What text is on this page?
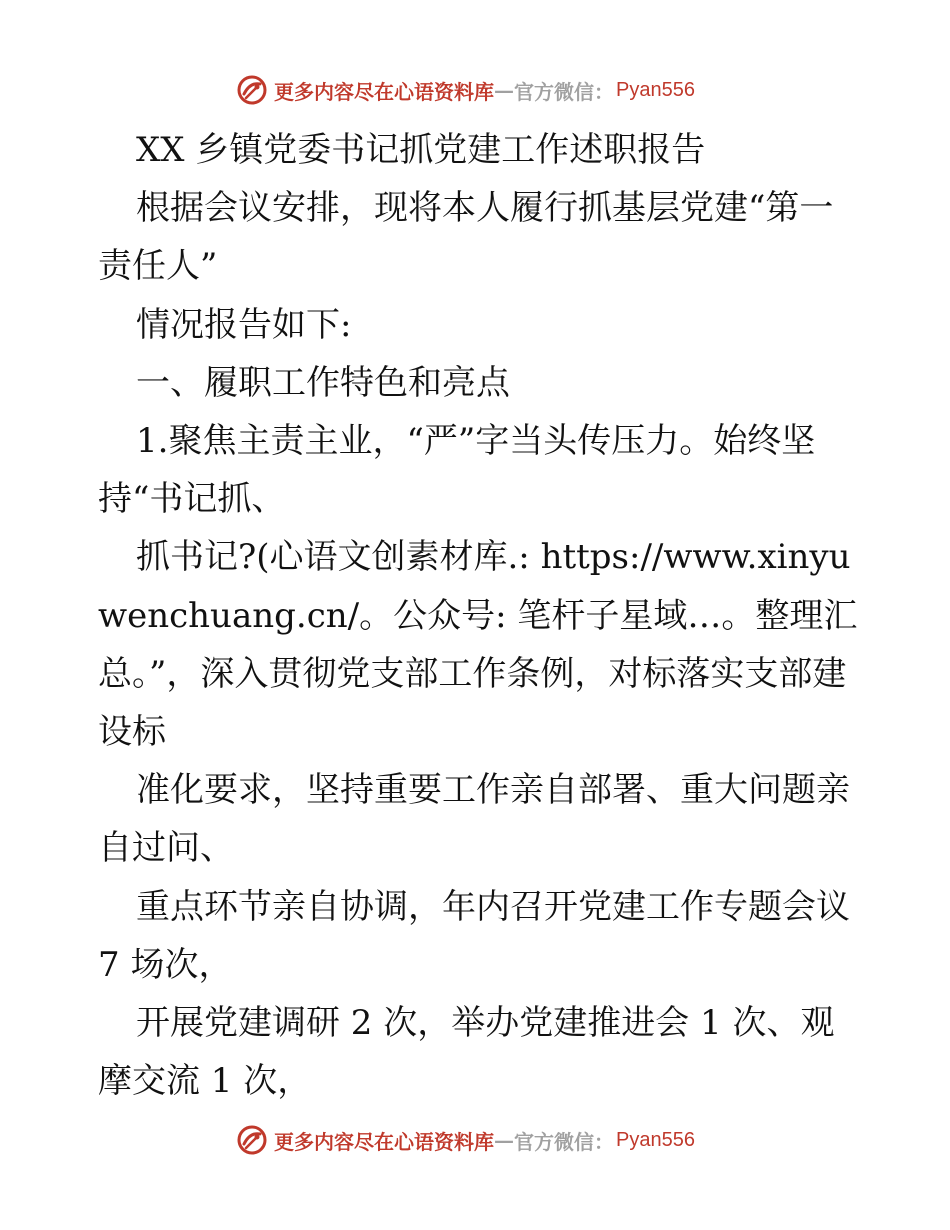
更多内容尽在心语资料库 — 官方微信： Pyan556

XX 乡镇党委书记抓党建工作述职报告

根据会议安排，现将本人履行抓基层党建“第一责任人”

情况报告如下:

一、履职工作特色和亮点

1.聚焦主责主业，“严”字当头传压力。始终坚持“书记抓、

抓书记?(心语文创素材库.: https://www.xinyuwenchuang.cn/。公众号: 笔杆子星域…。整理汇总。”，深入贯彻党支部工作条例，对标落实支部建设标

准化要求，坚持重要工作亲自部署、重大问题亲自过问、

重点环节亲自协调，年内召开党建工作专题会议 7 场次，

开展党建调研 2 次，举办党建推进会 1 次、观摩交流 1 次，

更多内容尽在心语资料库 — 官方微信： Pyan556
